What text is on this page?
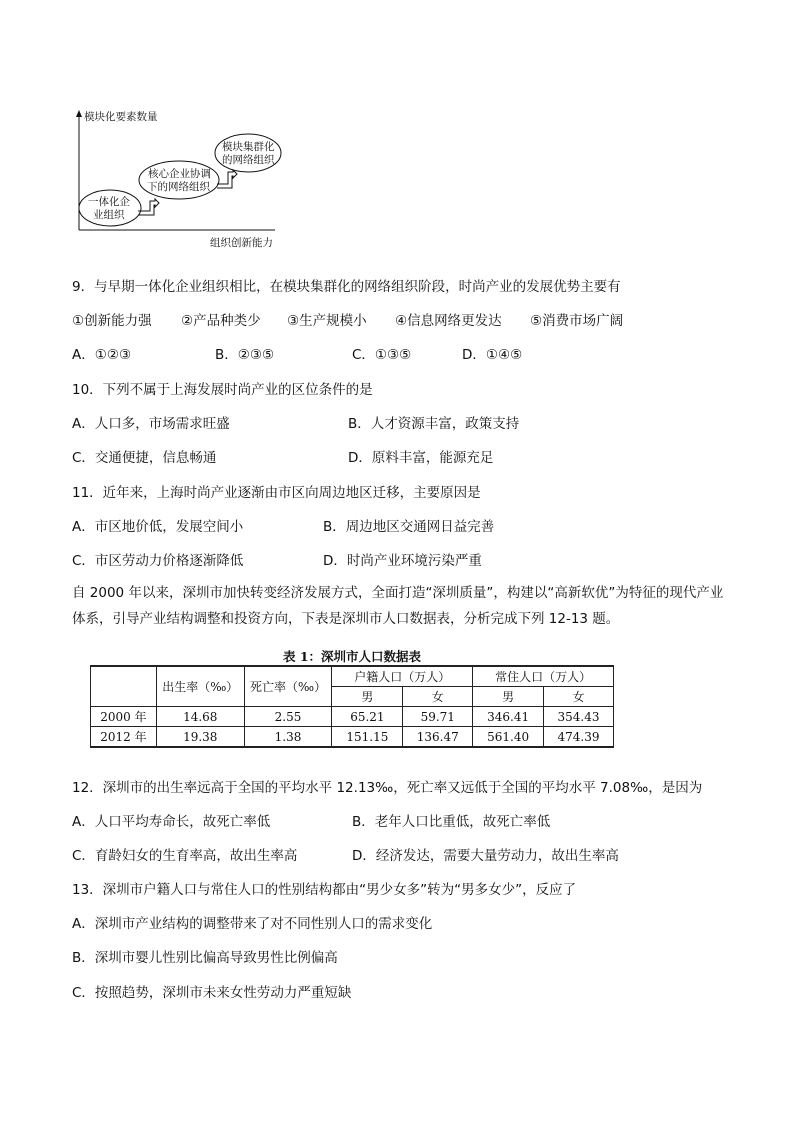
模块化要素数量
组织创新能力
一体化企
业组织
核心企业协调
下的网络组织
模块集群化
的网络组织
9．与早期一体化企业组织相比，在模块集群化的网络组织阶段，时尚产业的发展优势主要有
①创新能力强 ②产品种类少 ③生产规模小 ④信息网络更发达 ⑤消费市场广阔
A．①②③	B．②③⑤	C．①③⑤	D．①④⑤
10．下列不属于上海发展时尚产业的区位条件的是
A．人口多，市场需求旺盛	B．人才资源丰富，政策支持
C．交通便捷，信息畅通	D．原料丰富，能源充足
11．近年来，上海时尚产业逐渐由市区向周边地区迁移，主要原因是
A．市区地价低，发展空间小	B．周边地区交通网日益完善
C．市区劳动力价格逐渐降低	D．时尚产业环境污染严重
自 2000 年以来，深圳市加快转变经济发展方式，全面打造“深圳质量”，构建以“高新软优”为特征的现代产业体系，引导产业结构调整和投资方向，下表是深圳市人口数据表，分析完成下列 12-13 题。
表 1：深圳市人口数据表
	出生率（‰）	死亡率（‰）	户籍人口（万人）		常住人口（万人）	
			男	女	男	女
2000 年	14.68	2.55	65.21	59.71	346.41	354.43
2012 年	19.38	1.38	151.15	136.47	561.40	474.39
12．深圳市的出生率远高于全国的平均水平 12.13‰，死亡率又远低于全国的平均水平 7.08‰，是因为
A．人口平均寿命长，故死亡率低	B．老年人口比重低，故死亡率低
C．育龄妇女的生育率高，故出生率高	D．经济发达，需要大量劳动力，故出生率高
13．深圳市户籍人口与常住人口的性别结构都由“男少女多”转为“男多女少”，反应了
A．深圳市产业结构的调整带来了对不同性别人口的需求变化
B．深圳市婴儿性别比偏高导致男性比例偏高
C．按照趋势，深圳市未来女性劳动力严重短缺
